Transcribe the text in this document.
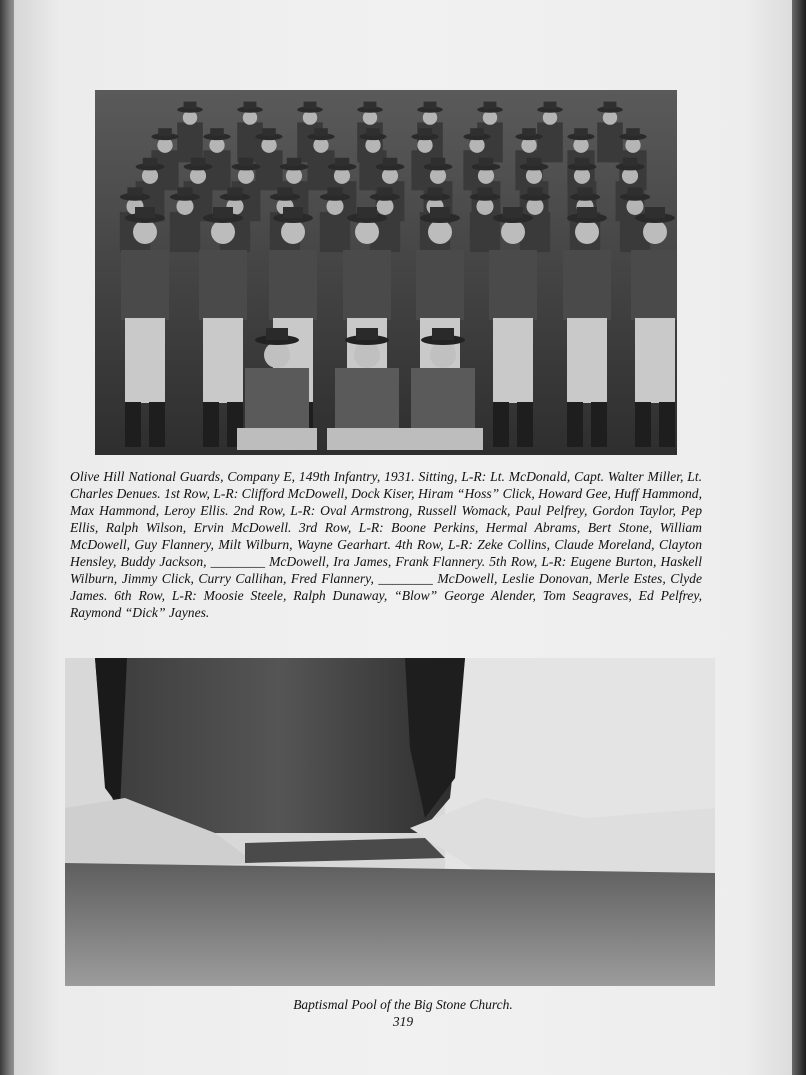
Olive Hill National Guards, Company E, 149th Infantry, 1931. Sitting, L-R: Lt. McDonald, Capt. Walter Miller, Lt. Charles Denues. 1st Row, L-R: Clifford McDowell, Dock Kiser, Hiram “Hoss” Click, Howard Gee, Huff Hammond, Max Hammond, Leroy Ellis. 2nd Row, L-R: Oval Armstrong, Russell Womack, Paul Pelfrey, Gordon Taylor, Pep Ellis, Ralph Wilson, Ervin McDowell. 3rd Row, L-R: Boone Perkins, Hermal Abrams, Bert Stone, William McDowell, Guy Flannery, Milt Wilburn, Wayne Gearhart. 4th Row, L-R: Zeke Collins, Claude Moreland, Clayton Hensley, Buddy Jackson, ________ McDowell, Ira James, Frank Flannery. 5th Row, L-R: Eugene Burton, Haskell Wilburn, Jimmy Click, Curry Callihan, Fred Flannery, ________ McDowell, Leslie Donovan, Merle Estes, Clyde James. 6th Row, L-R: Moosie Steele, Ralph Dunaway, “Blow” George Alender, Tom Seagraves, Ed Pelfrey, Raymond “Dick” Jaynes.
Baptismal Pool of the Big Stone Church.
319
